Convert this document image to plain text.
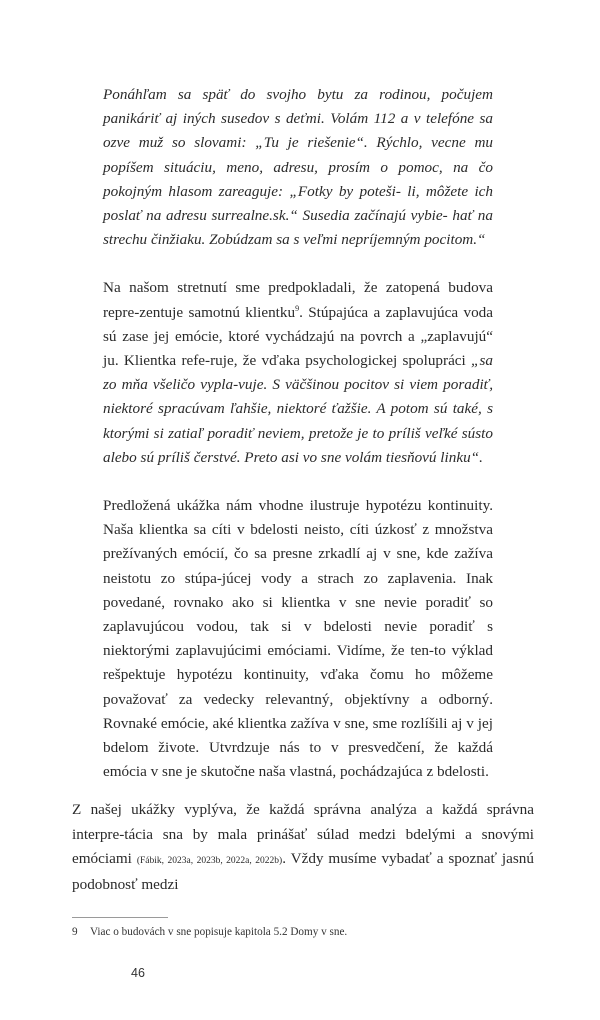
Ponáhľam sa späť do svojho bytu za rodinou, počujem panikáriť aj iných susedov s deťmi. Volám 112 a v telefóne sa ozve muž so slovami: „Tu je riešenie“. Rýchlo, vecne mu popíšem situáciu, meno, adresu, prosím o pomoc, na čo pokojným hlasom zareaguje: „Fotky by poteši- li, môžete ich poslať na adresu surrealne.sk.“ Susedia začínajú vybie- hať na strechu činžiaku. Zobúdzam sa s veľmi nepríjemným pocitom.“

Na našom stretnutí sme predpokladali, že zatopená budova repre-zentuje samotnú klientku$^9$. Stúpajúca a zaplavujúca voda sú zase jej emócie, ktoré vychádzajú na povrch a „zaplavujú“ ju. Klientka refe-ruje, že vďaka psychologickej spolupráci „sa zo mňa všeličo vypla-vuje. S väčšinou pocitov si viem poradiť, niektoré spracúvam ľahšie, niektoré ťažšie. A potom sú také, s ktorými si zatiaľ poradiť neviem, pretože je to príliš veľké sústo alebo sú príliš čerstvé. Preto asi vo sne volám tiesňovú linku“.

Predložená ukážka nám vhodne ilustruje hypotézu kontinuity. Naša klientka sa cíti v bdelosti neisto, cíti úzkosť z množstva prežívaných emócií, čo sa presne zrkadlí aj v sne, kde zažíva neistotu zo stúpa-júcej vody a strach zo zaplavenia. Inak povedané, rovnako ako si klientka v sne nevie poradiť so zaplavujúcou vodou, tak si v bdelosti nevie poradiť s niektorými zaplavujúcimi emóciami. Vidíme, že ten-to výklad rešpektuje hypotézu kontinuity, vďaka čomu ho môžeme považovať za vedecky relevantný, objektívny a odborný. Rovnaké emócie, aké klientka zažíva v sne, sme rozlíšili aj v jej bdelom živote. Utvrdzuje nás to v presvedčení, že každá emócia v sne je skutočne naša vlastná, pochádzajúca z bdelosti.

Z našej ukážky vyplýva, že každá správna analýza a každá správna interpre-tácia sna by mala prinášať súlad medzi bdelými a snovými emóciami (Fábik, 2023a, 2023b, 2022a, 2022b). Vždy musíme vybadať a spoznať jasnú podobnosť medzi

9 Viac o budovách v sne popisuje kapitola 5.2 Domy v sne.
46
